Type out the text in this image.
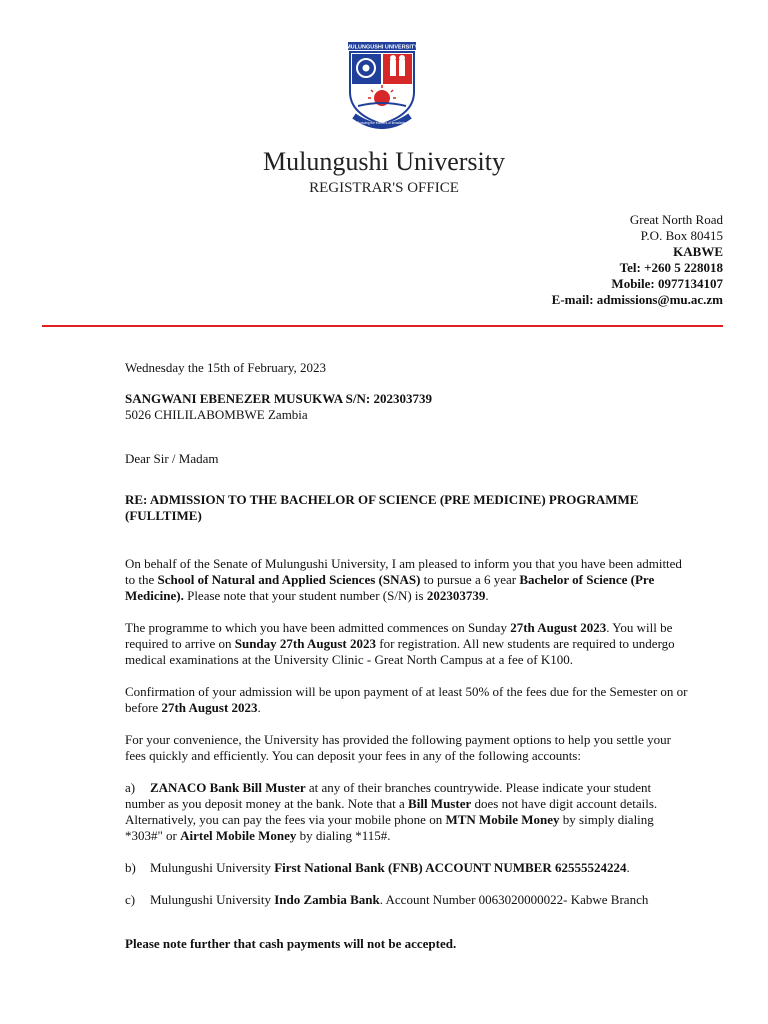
MULUNGUSHI UNIVERSITY
Pursuing the frontiers of knowledge
Mulungushi University
REGISTRAR'S OFFICE
Great North Road
P.O. Box 80415
KABWE
Tel: +260 5 228018
Mobile: 0977134107
E-mail: admissions@mu.ac.zm

Wednesday the 15th of February, 2023

SANGWANI EBENEZER MUSUKWA S/N: 202303739

5026 CHILILABOMBWE Zambia

Dear Sir / Madam

RE: ADMISSION TO THE BACHELOR OF SCIENCE (PRE MEDICINE) PROGRAMME (FULLTIME)

On behalf of the Senate of Mulungushi University, I am pleased to inform you that you have been admitted to the School of Natural and Applied Sciences (SNAS) to pursue a 6 year Bachelor of Science (Pre Medicine). Please note that your student number (S/N) is 202303739.

The programme to which you have been admitted commences on Sunday 27th August 2023. You will be required to arrive on Sunday 27th August 2023 for registration. All new students are required to undergo medical examinations at the University Clinic - Great North Campus at a fee of K100.

Confirmation of your admission will be upon payment of at least 50% of the fees due for the Semester on or before 27th August 2023.

For your convenience, the University has provided the following payment options to help you settle your fees quickly and efficiently. You can deposit your fees in any of the following accounts:

a) ZANACO Bank Bill Muster at any of their branches countrywide. Please indicate your student number as you deposit money at the bank. Note that a Bill Muster does not have digit account details. Alternatively, you can pay the fees via your mobile phone on MTN Mobile Money by simply dialing *303#" or Airtel Mobile Money by dialing *115#.

b) Mulungushi University First National Bank (FNB) ACCOUNT NUMBER 62555524224.

c) Mulungushi University Indo Zambia Bank. Account Number 0063020000022- Kabwe Branch

Please note further that cash payments will not be accepted.
